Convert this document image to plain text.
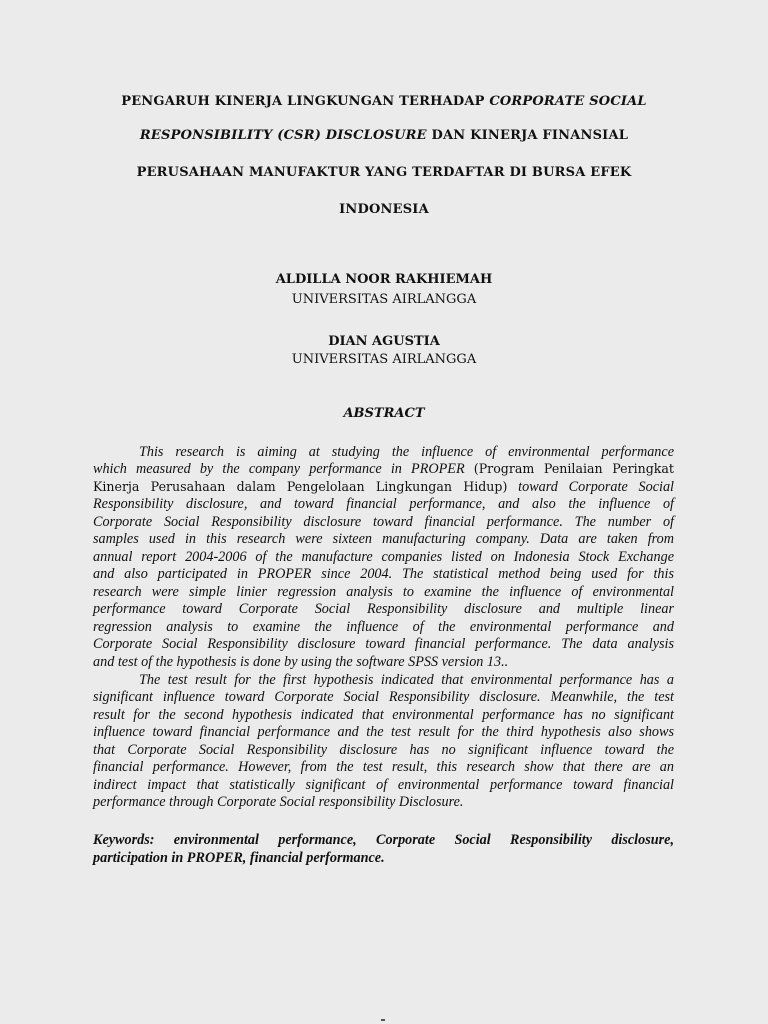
PENGARUH KINERJA LINGKUNGAN TERHADAP CORPORATE SOCIAL
RESPONSIBILITY (CSR) DISCLOSURE DAN KINERJA FINANSIAL
PERUSAHAAN MANUFAKTUR YANG TERDAFTAR DI BURSA EFEK
INDONESIA
ALDILLA NOOR RAKHIEMAH
UNIVERSITAS AIRLANGGA
DIAN AGUSTIA
UNIVERSITAS AIRLANGGA
ABSTRACT
This research is aiming at studying the influence of environmental performance
which measured by the company performance in PROPER (Program Penilaian Peringkat
Kinerja Perusahaan dalam Pengelolaan Lingkungan Hidup) toward Corporate Social
Responsibility disclosure, and toward financial performance, and also the influence of
Corporate Social Responsibility disclosure toward financial performance. The number of
samples used in this research were sixteen manufacturing company. Data are taken from
annual report 2004-2006 of the manufacture companies listed on Indonesia Stock Exchange
and also participated in PROPER since 2004. The statistical method being used for this
research were simple linier regression analysis to examine the influence of environmental
performance toward Corporate Social Responsibility disclosure and multiple linear
regression analysis to examine the influence of the environmental performance and
Corporate Social Responsibility disclosure toward financial performance. The data analysis
and test of the hypothesis is done by using the software SPSS version 13..
The test result for the first hypothesis indicated that environmental performance has a
significant influence toward Corporate Social Responsibility disclosure. Meanwhile, the test
result for the second hypothesis indicated that environmental performance has no significant
influence toward financial performance and the test result for the third hypothesis also shows
that Corporate Social Responsibility disclosure has no significant influence toward the
financial performance. However, from the test result, this research show that there are an
indirect impact that statistically significant of environmental performance toward financial
performance through Corporate Social responsibility Disclosure.
Keywords: environmental performance, Corporate Social Responsibility disclosure,
participation in PROPER, financial performance.
